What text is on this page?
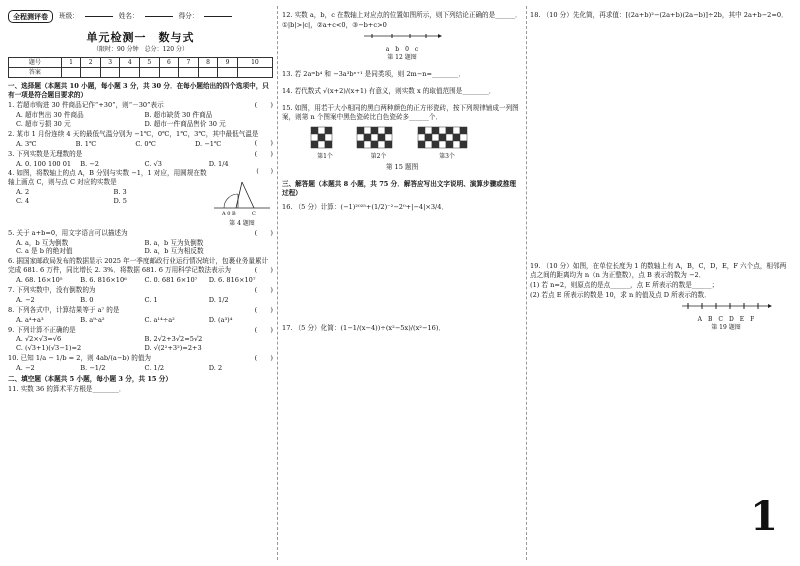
全程测评卷	班级：	姓名：	得分：
单元检测一　数与式
（限时：90 分钟　总分：120 分）
题号	1	2	3	4	5	6	7	8	9	10
答案										
一、选择题（本题共 10 小题，每小题 3 分，共 30 分．在每小题给出的四个选项中，只有一项是符合题目要求的）
1. 若超市购进 30 件商品记作“+30”，则“－30”表示	(　　)
A. 超市售出 30 件商品	B. 超市缺货 30 件商品
C. 超市亏损 30 元	D. 超市一件商品售价 30 元
2. 某市 1 月份连续 4 天的最低气温分别为 −1℃，0℃，1℃，3℃，其中最低气温是
(　　)
A. 3℃	B. 1℃	C. 0℃	D. −1℃
3. 下列实数是无理数的是	(　　)
A. 0. 100 100 01	B. −2	C. √3	D. 1/4
4. 如图，将数轴上的点 A，B 分别与实数 −1，1 对应，用圆规在数轴上画点 C，则与点 C 对应的实数是
A. 2	B. 3
C. 4	D. 5
(　　)
A 0 B	C
第 4 题图
5. 关于 a+b=0，用文字语言可以描述为	(　　)
A. a，b 互为倒数	B. a，b 互为负倒数
C. a 是 b 的绝对值	D. a，b 互为相反数
6. 据国家邮政局发布的数据显示 2025 年一季度邮政行业运行情况统计，包裹业务量累计完成 681. 6 万件，同比增长 2. 3%．将数据 681. 6 万用科学记数法表示为	(　　)
A. 68. 16×10⁵	B. 6. 816×10⁶	C. 0. 681 6×10⁷	D. 6. 816×10⁷
7. 下列实数中，没有倒数的为	(　　)
A. −2	B. 0	C. 1	D. 1/2
8. 下列各式中，计算结果等于 a⁷ 的是	(　　)
A. a⁴+a³	B. a⁹·a²	C. a¹⁴÷a²	D. (a³)⁴
9. 下列计算不正确的是	(　　)
A. √2×√3=√6	B. 2√2+3√2=5√2
C. (√3+1)(√3−1)=2	D. √(2²+3²)=2+3
10. 已知 1/a − 1/b = 2，则 4ab/(a−b) 的值为	(　　)
A. −2	B. −1/2	C. 1/2	D. 2
二、填空题（本题共 5 小题，每小题 3 分，共 15 分）
11. 实数 36 的算术平方根是________．
12. 实数 a，b，c 在数轴上对应点的位置如图所示，则下列结论正确的是______．
①|b|>|c|，②a+c<0，③−b+c>0
a　b　0　c
第 12 题图
13. 若 2aᵐb⁴ 和 −3a³bⁿ⁺¹ 是同类项，则 2m−n=________．
14. 若代数式 √(x+2)/(x+1) 有意义，则实数 x 的取值范围是________．
15. 如图，用若干大小相同的黑白两种颜色的正方形瓷砖，按下列规律铺成一列图案，则第 n 个图案中黑色瓷砖比白色瓷砖多______个．
第1个	第2个	第3个
第 15 题图
三、解答题（本题共 8 小题，共 75 分．解答应写出文字说明、演算步骤或推理过程）
16. （5 分）计算：(−1)²⁰²⁵+(1/2)⁻²−2⁰+|−4|×3/4．
17. （5 分）化简：(1−1/(x−4))÷(x²−5x)/(x²−16)．
18. （10 分）先化简，再求值：[(2a+b)²−(2a+b)(2a−b)]÷2b，其中 2a+b−2=0．
19. （10 分）如图，在单位长度为 1 的数轴上有 A，B，C，D，E，F 六个点，相邻两点之间的距离均为 n（n 为正整数），点 B 表示的数为 −2．
(1) 若 n=2，则原点的是点______，点 E 所表示的数是______；
(2) 若点 E 所表示的数是 10，求 n 的值及点 D 所表示的数．
A　B　C　D　E　F
第 19 题图
1
